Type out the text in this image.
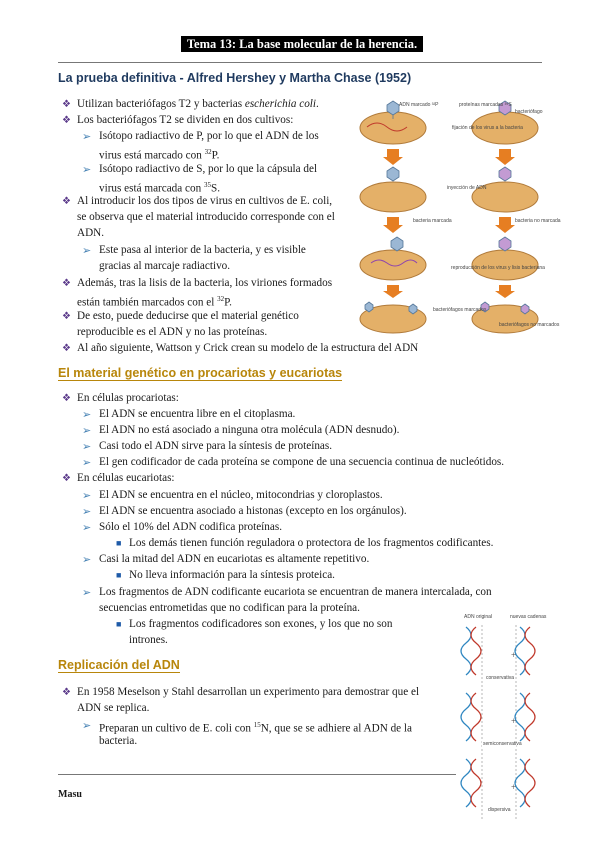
Tema 13: La base molecular de la herencia.
La prueba definitiva - Alfred Hershey y Martha Chase (1952)
❖ Utilizan bacteriófagos T2 y bacterias escherichia coli.
❖ Los bacteriófagos T2 se dividen en dos cultivos:
➢ Isótopo radiactivo de P, por lo que el ADN de los
virus está marcado con $^{32}$P.
➢ Isótopo radiactivo de S, por lo que la cápsula del
virus está marcada con $^{35}$S.
❖ Al introducir los dos tipos de virus en cultivos de E. coli,
se observa que el material introducido corresponde con el
ADN.
➢ Este pasa al interior de la bacteria, y es visible
gracias al marcaje radiactivo.
❖ Además, tras la lisis de la bacteria, los viriones formados
están también marcados con el $^{32}$P.
❖ De esto, puede deducirse que el material genético
reproducible es el ADN y no las proteínas.
❖ Al año siguiente, Wattson y Crick crean su modelo de la estructura del ADN
ADN marcado ³²P	proteínas marcadas ³⁵S
bacteriófago
fijación de los virus a la bacteria
inyección de ADN
bacteria marcada	bacteria no marcada
reproducción de los virus y lisis bacteriana
bacteriófagos marcados
bacteriófagos no marcados
El material genético en procariotas y eucariotas
❖ En células procariotas:
➢ El ADN se encuentra libre en el citoplasma.
➢ El ADN no está asociado a ninguna otra molécula (ADN desnudo).
➢ Casi todo el ADN sirve para la síntesis de proteínas.
➢ El gen codificador de cada proteína se compone de una secuencia continua de nucleótidos.
❖ En células eucariotas:
➢ El ADN se encuentra en el núcleo, mitocondrias y cloroplastos.
➢ El ADN se encuentra asociado a histonas (excepto en los orgánulos).
➢ Sólo el 10% del ADN codifica proteínas.
■ Los demás tienen función reguladora o protectora de los fragmentos codificantes.
➢ Casi la mitad del ADN en eucariotas es altamente repetitivo.
■ No lleva información para la síntesis proteica.
➢ Los fragmentos de ADN codificante eucariota se encuentran de manera intercalada, con
secuencias entrometidas que no codifican para la proteína.
■ Los fragmentos codificadores son exones, y los que no son
intrones.
Replicación del ADN
❖ En 1958 Meselson y Stahl desarrollan un experimento para demostrar que el
ADN se replica.
➢ Preparan un cultivo de E. coli con $^{15}$N, que se se adhiere al ADN de la
bacteria.
ADN original	nuevas cadenas
+
+
+
conservativa
semiconservativa
dispersiva
Masu
